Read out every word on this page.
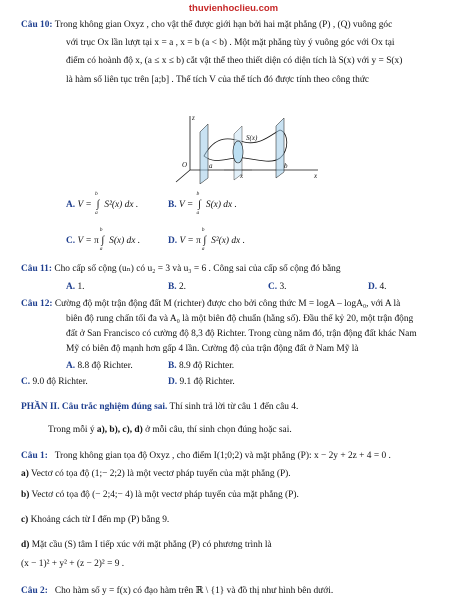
thuvienhoclieu.com
Câu 10: Trong không gian Oxyz , cho vật thể được giới hạn bởi hai mặt phẳng (P) , (Q) vuông góc
với trục Ox lần lượt tại x = a , x = b (a < b) . Một mặt phẳng tùy ý vuông góc với Ox tại
điểm có hoành độ x, (a ≤ x ≤ b) cắt vật thể theo thiết diện có diện tích là S(x) với y = S(x)
là hàm số liên tục trên [a;b] . Thể tích V của thể tích đó được tính theo công thức
z
O	a
x
b
x
S(x)
A. V = ∫
b
a
S²(x) dx .	B. V = ∫
b
a
S(x) dx .
C. V = π ∫
b
a
S(x) dx .	D. V = π ∫
b
a
S²(x) dx .
Câu 11: Cho cấp số cộng (uₙ) có u₂ = 3 và u₃ = 6 . Công sai của cấp số cộng đó bằng
A. 1.	B. 2.	C. 3.	D. 4.
Câu 12: Cường độ một trận động đất M (richter) được cho bởi công thức M = logA – logA₀, với A là
biên độ rung chấn tối đa và A₀ là một biên độ chuẩn (hằng số). Đầu thế kỷ 20, một trận động
đất ở San Francisco có cường độ 8,3 độ Richter. Trong cùng năm đó, trận động đất khác Nam
Mỹ có biên độ mạnh hơn gấp 4 lần. Cường độ của trận động đất ở Nam Mỹ là
A. 8.8 độ Richter.	B. 8.9 độ Richter.
C. 9.0 độ Richter.	D. 9.1 độ Richter.
PHẦN II. Câu trắc nghiệm đúng sai. Thí sinh trả lời từ câu 1 đến câu 4.
Trong mỗi ý a), b), c), d) ở mỗi câu, thí sinh chọn đúng hoặc sai.
Câu 1: Trong không gian tọa độ Oxyz , cho điểm I(1;0;2) và mặt phẳng (P): x − 2y + 2z + 4 = 0 .
a) Vectơ có tọa độ (1;− 2;2) là một vectơ pháp tuyến của mặt phẳng (P).
b) Vectơ có tọa độ (− 2;4;− 4) là một vectơ pháp tuyến của mặt phẳng (P).
c) Khoảng cách từ I đến mp (P) bằng 9.
d) Mặt cầu (S) tâm I tiếp xúc với mặt phẳng (P) có phương trình là
(x − 1)² + y² + (z − 2)² = 9 .
Câu 2: Cho hàm số y = f(x) có đạo hàm trên ℝ \ {1} và đồ thị như hình bên dưới.
